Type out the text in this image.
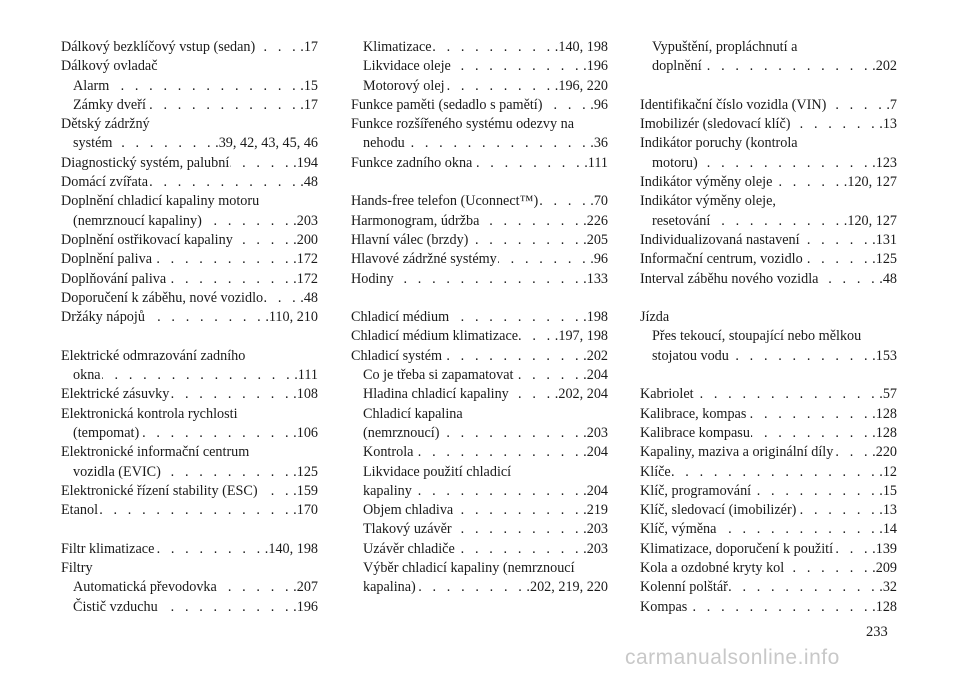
Dálkový bezklíčový vstup (sedan) . . .	.17
Dálkový ovladač
Alarm . . .	.15
Zámky dveří . . .	.17
Dětský zádržný
systém . . .	.39, 42, 43, 45, 46
Diagnostický systém, palubní . . .	.194
Domácí zvířata . . .	.48
Doplnění chladicí kapaliny motoru
(nemrznoucí kapaliny) . . .	.203
Doplnění ostřikovací kapaliny . . .	.200
Doplnění paliva . . .	.172
Doplňování paliva . . .	.172
Doporučení k záběhu, nové vozidlo . . .	.48
Držáky nápojů . . .	.110, 210
Elektrické odmrazování zadního
okna . . .	.111
Elektrické zásuvky . . .	.108
Elektronická kontrola rychlosti
(tempomat) . . .	.106
Elektronické informační centrum
vozidla (EVIC) . . .	.125
Elektronické řízení stability (ESC) . . .	.159
Etanol . . .	.170
Filtr klimatizace . . .	.140, 198
Filtry
Automatická převodovka . . .	.207
Čistič vzduchu . . .	.196
Klimatizace . . .	.140, 198
Likvidace oleje . . .	.196
Motorový olej . . .	.196, 220
Funkce paměti (sedadlo s pamětí) . . .	.96
Funkce rozšířeného systému odezvy na
nehodu . . .	.36
Funkce zadního okna . . .	.111
Hands-free telefon (Uconnect™) . . .	.70
Harmonogram, údržba . . .	.226
Hlavní válec (brzdy) . . .	.205
Hlavové zádržné systémy . . .	.96
Hodiny . . .	.133
Chladicí médium . . .	.198
Chladicí médium klimatizace . . .	.197, 198
Chladicí systém . . .	.202
Co je třeba si zapamatovat . . .	.204
Hladina chladicí kapaliny . . .	.202, 204
Chladicí kapalina
(nemrznoucí) . . .	.203
Kontrola . . .	.204
Likvidace použití chladicí
kapaliny . . .	.204
Objem chladiva . . .	.219
Tlakový uzávěr . . .	.203
Uzávěr chladiče . . .	.203
Výběr chladicí kapaliny (nemrznoucí
kapalina) . . .	.202, 219, 220
Vypuštění, propláchnutí a
doplnění . . .	.202
Identifikační číslo vozidla (VIN) . . .	.7
Imobilizér (sledovací klíč) . . .	.13
Indikátor poruchy (kontrola
motoru) . . .	.123
Indikátor výměny oleje . . .	.120, 127
Indikátor výměny oleje,
resetování . . .	.120, 127
Individualizovaná nastavení . . .	.131
Informační centrum, vozidlo . . .	.125
Interval záběhu nového vozidla . . .	.48
Jízda
Přes tekoucí, stoupající nebo mělkou
stojatou vodu . . .	.153
Kabriolet . . .	.57
Kalibrace, kompas . . .	.128
Kalibrace kompasu . . .	.128
Kapaliny, maziva a originální díly . . .	.220
Klíče . . .	.12
Klíč, programování . . .	.15
Klíč, sledovací (imobilizér) . . .	.13
Klíč, výměna . . .	.14
Klimatizace, doporučení k použití . . .	.139
Kola a ozdobné kryty kol . . .	.209
Kolenní polštář . . .	.32
Kompas . . .	.128
233
carmanualsonline.info
